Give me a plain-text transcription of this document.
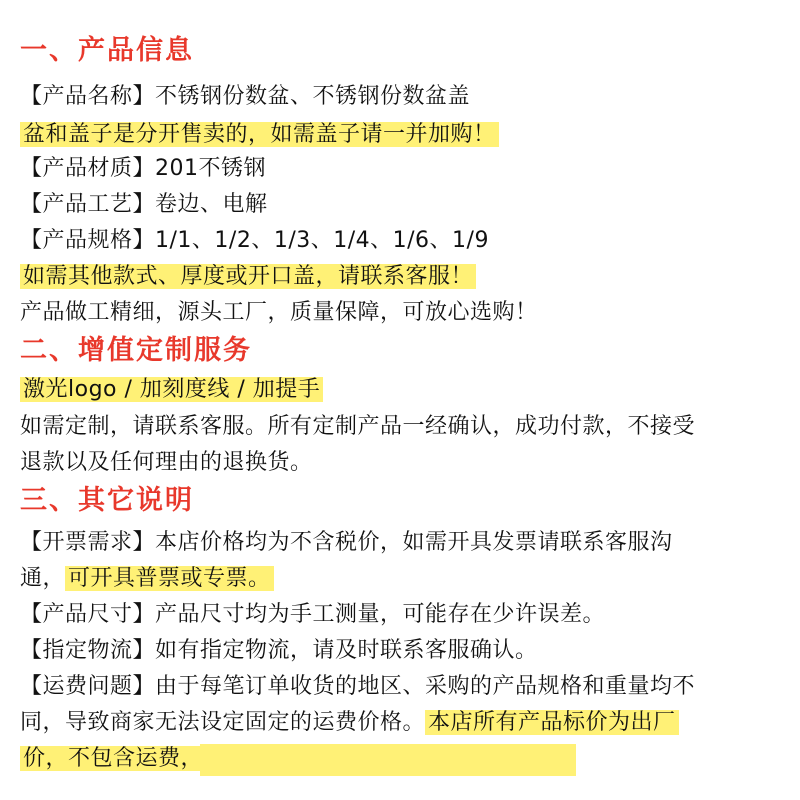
一、产品信息
【产品名称】不锈钢份数盆、不锈钢份数盆盖
盆和盖子是分开售卖的，如需盖子请一并加购！
【产品材质】201不锈钢
【产品工艺】卷边、电解
【产品规格】1/1、1/2、1/3、1/4、1/6、1/9
如需其他款式、厚度或开口盖，请联系客服！
产品做工精细，源头工厂，质量保障，可放心选购！
二、增值定制服务
激光logo / 加刻度线 / 加提手
如需定制，请联系客服。所有定制产品一经确认，成功付款，不接受
退款以及任何理由的退换货。
三、其它说明
【开票需求】本店价格均为不含税价，如需开具发票请联系客服沟
通， 可开具普票或专票。
【产品尺寸】产品尺寸均为手工测量，可能存在少许误差。
【指定物流】如有指定物流，请及时联系客服确认。
【运费问题】由于每笔订单收货的地区、采购的产品规格和重量均不
同，导致商家无法设定固定的运费价格。 本店所有产品标价为出厂
价，不包含运费，
